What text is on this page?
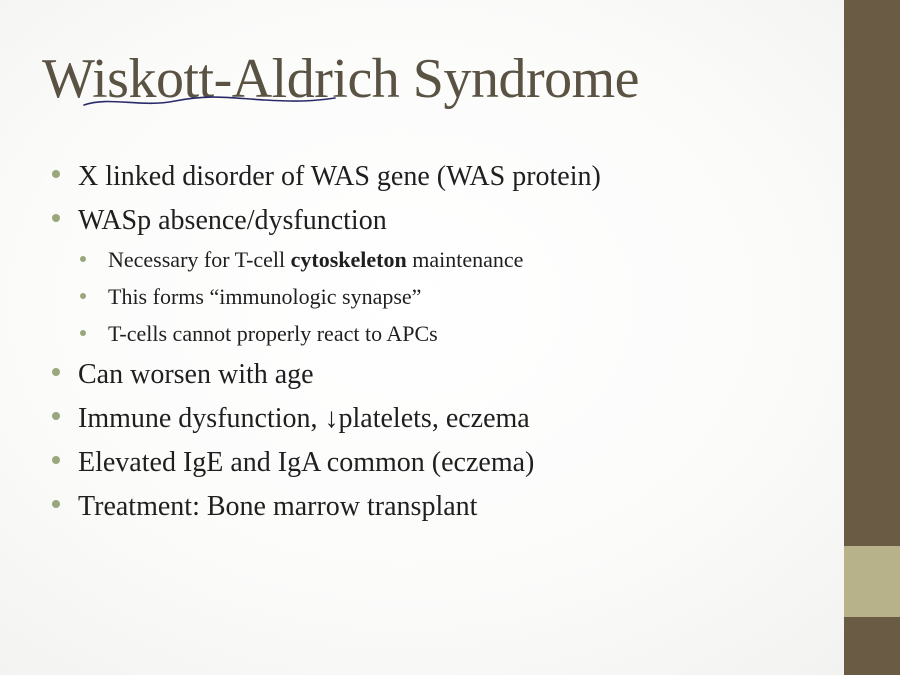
Wiskott-Aldrich Syndrome
X linked disorder of WAS gene (WAS protein)
WASp absence/dysfunction
Necessary for T-cell cytoskeleton maintenance
This forms “immunologic synapse”
T-cells cannot properly react to APCs
Can worsen with age
Immune dysfunction, ↓platelets, eczema
Elevated IgE and IgA common (eczema)
Treatment: Bone marrow transplant
